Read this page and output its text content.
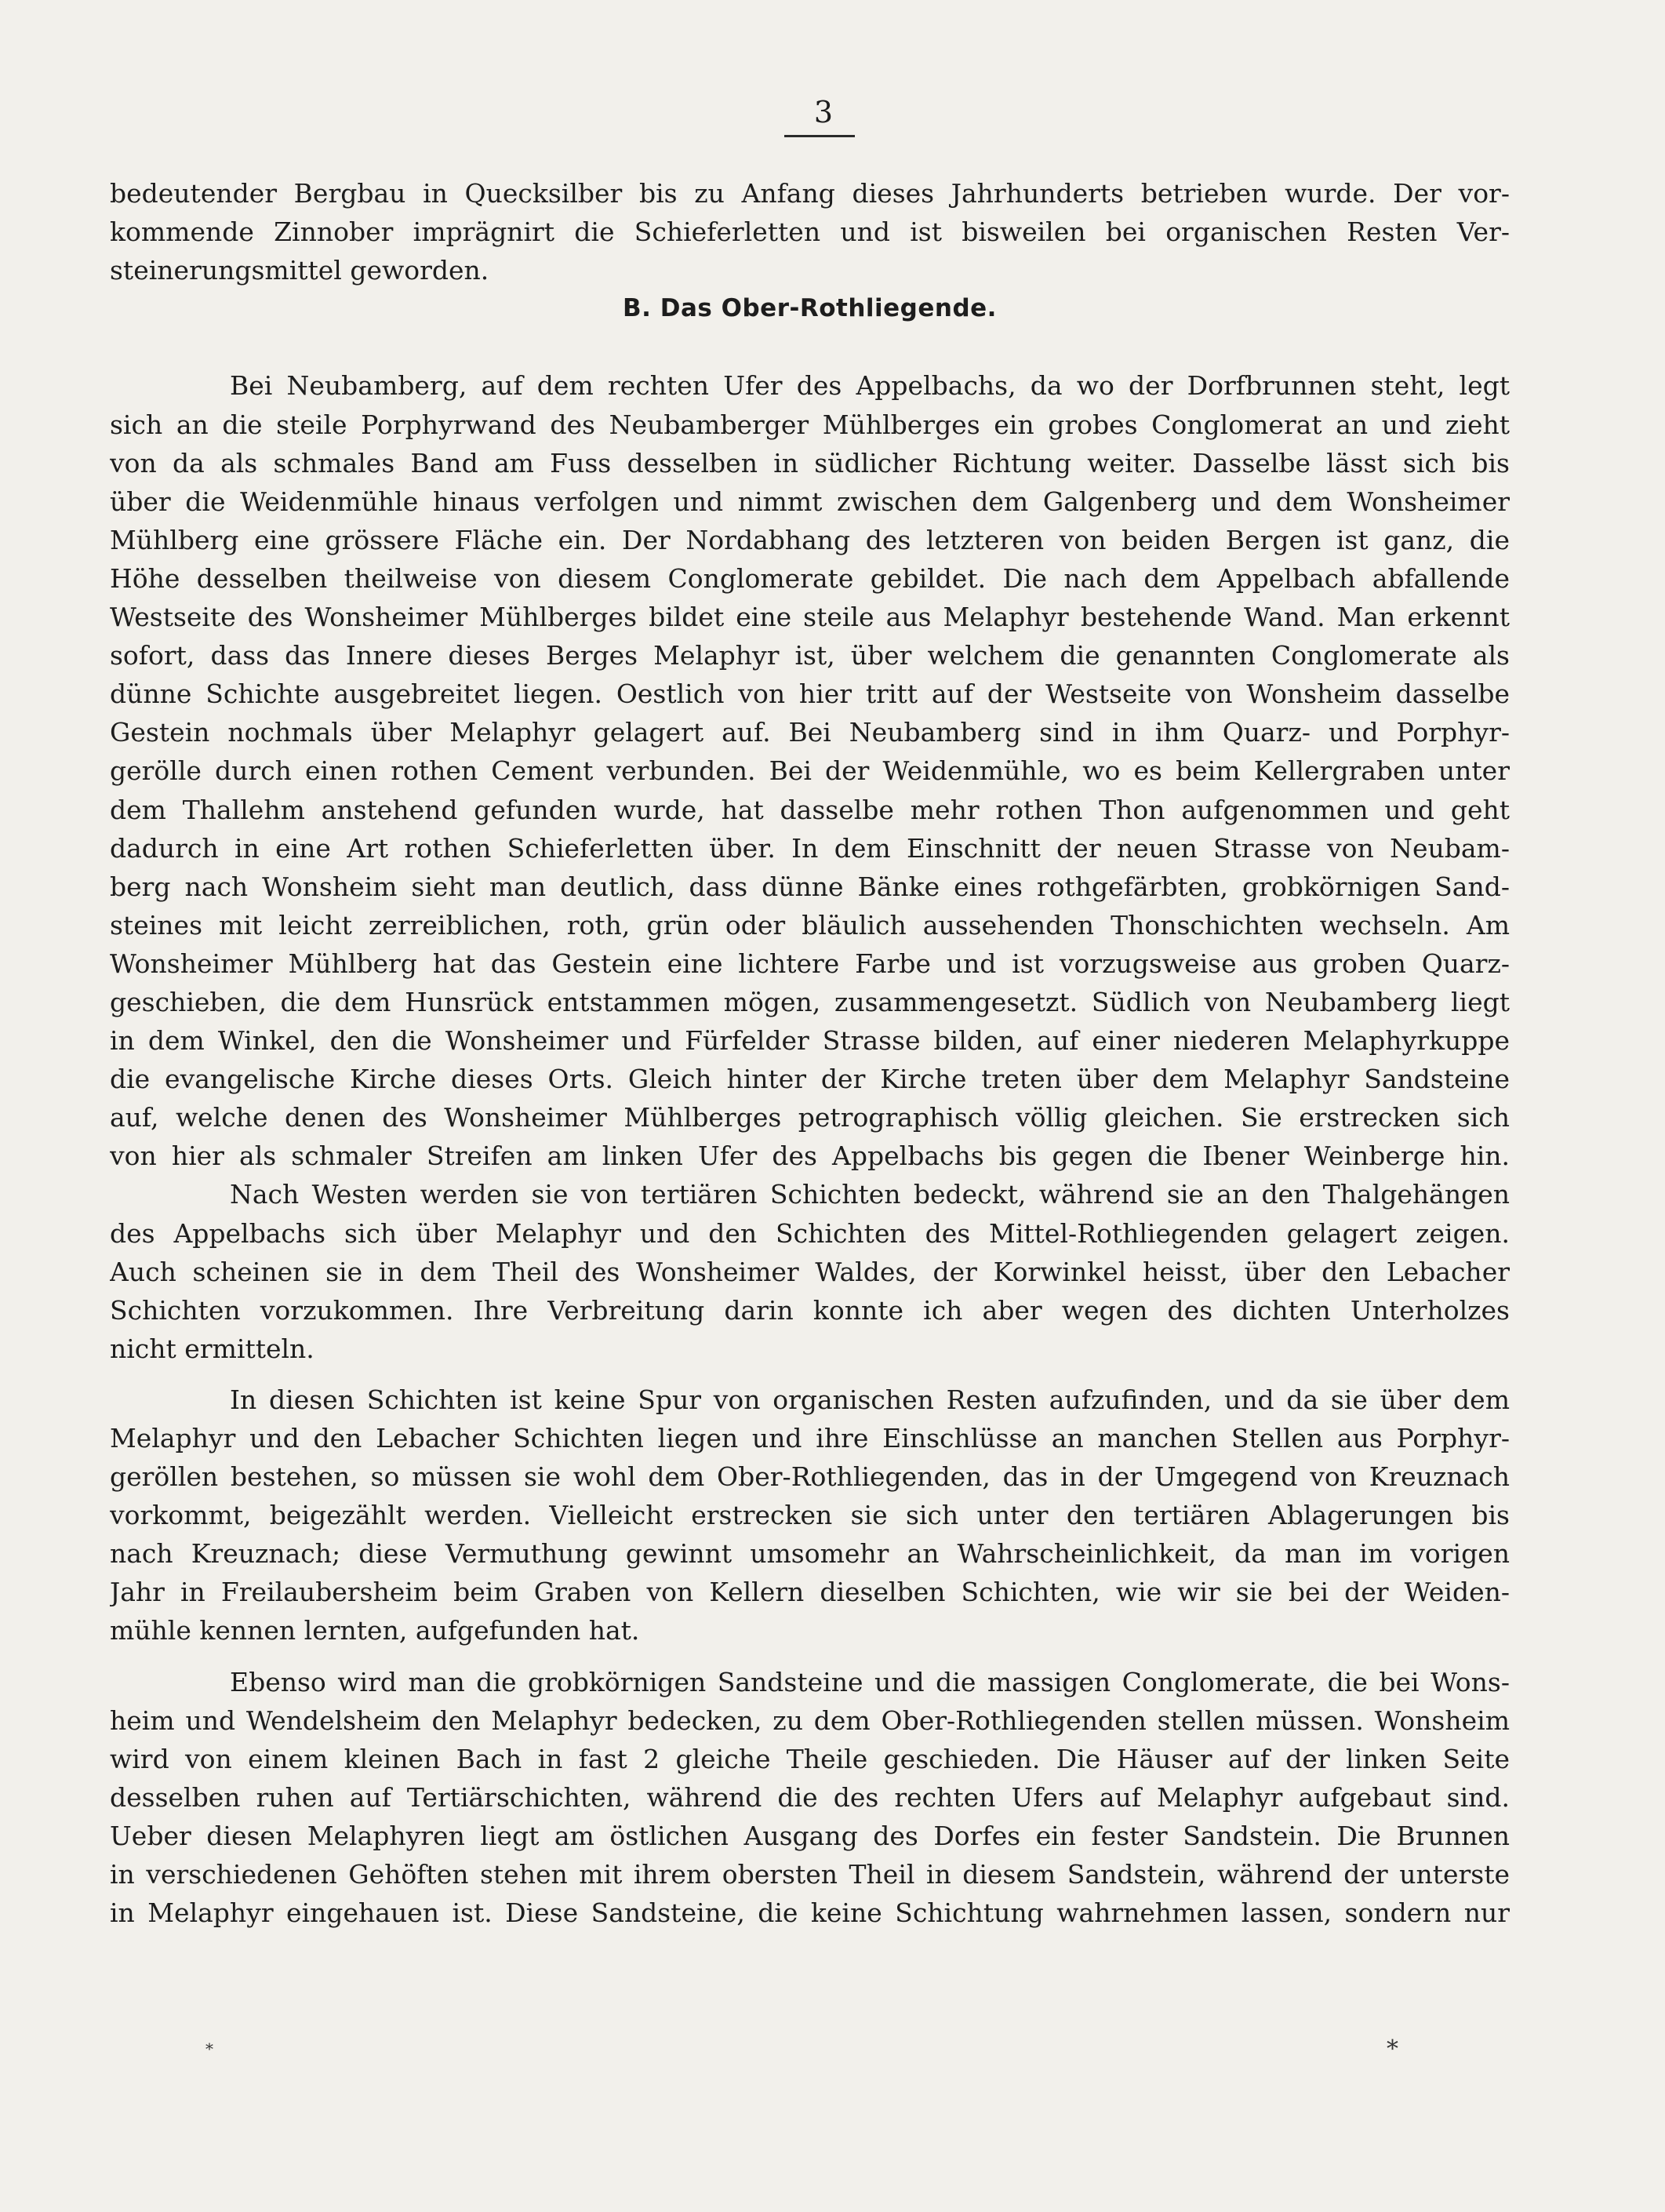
3
bedeutender Bergbau in Quecksilber bis zu Anfang dieses Jahrhunderts betrieben wurde. Der vor-
kommende Zinnober imprägnirt die Schieferletten und ist bisweilen bei organischen Resten Ver-
steinerungsmittel geworden.
B. Das Ober-Rothliegende.
Bei Neubamberg, auf dem rechten Ufer des Appelbachs, da wo der Dorfbrunnen steht, legt
sich an die steile Porphyrwand des Neubamberger Mühlberges ein grobes Conglomerat an und zieht
von da als schmales Band am Fuss desselben in südlicher Richtung weiter. Dasselbe lässt sich bis
über die Weidenmühle hinaus verfolgen und nimmt zwischen dem Galgenberg und dem Wonsheimer
Mühlberg eine grössere Fläche ein. Der Nordabhang des letzteren von beiden Bergen ist ganz, die
Höhe desselben theilweise von diesem Conglomerate gebildet. Die nach dem Appelbach abfallende
Westseite des Wonsheimer Mühlberges bildet eine steile aus Melaphyr bestehende Wand. Man erkennt
sofort, dass das Innere dieses Berges Melaphyr ist, über welchem die genannten Conglomerate als
dünne Schichte ausgebreitet liegen. Oestlich von hier tritt auf der Westseite von Wonsheim dasselbe
Gestein nochmals über Melaphyr gelagert auf. Bei Neubamberg sind in ihm Quarz- und Porphyr-
gerölle durch einen rothen Cement verbunden. Bei der Weidenmühle, wo es beim Kellergraben unter
dem Thallehm anstehend gefunden wurde, hat dasselbe mehr rothen Thon aufgenommen und geht
dadurch in eine Art rothen Schieferletten über. In dem Einschnitt der neuen Strasse von Neubam-
berg nach Wonsheim sieht man deutlich, dass dünne Bänke eines rothgefärbten, grobkörnigen Sand-
steines mit leicht zerreiblichen, roth, grün oder bläulich aussehenden Thonschichten wechseln. Am
Wonsheimer Mühlberg hat das Gestein eine lichtere Farbe und ist vorzugsweise aus groben Quarz-
geschieben, die dem Hunsrück entstammen mögen, zusammengesetzt. Südlich von Neubamberg liegt
in dem Winkel, den die Wonsheimer und Fürfelder Strasse bilden, auf einer niederen Melaphyrkuppe
die evangelische Kirche dieses Orts. Gleich hinter der Kirche treten über dem Melaphyr Sandsteine
auf, welche denen des Wonsheimer Mühlberges petrographisch völlig gleichen. Sie erstrecken sich
von hier als schmaler Streifen am linken Ufer des Appelbachs bis gegen die Ibener Weinberge hin.
Nach Westen werden sie von tertiären Schichten bedeckt, während sie an den Thalgehängen
des Appelbachs sich über Melaphyr und den Schichten des Mittel-Rothliegenden gelagert zeigen.
Auch scheinen sie in dem Theil des Wonsheimer Waldes, der Korwinkel heisst, über den Lebacher
Schichten vorzukommen. Ihre Verbreitung darin konnte ich aber wegen des dichten Unterholzes
nicht ermitteln.
In diesen Schichten ist keine Spur von organischen Resten aufzufinden, und da sie über dem
Melaphyr und den Lebacher Schichten liegen und ihre Einschlüsse an manchen Stellen aus Porphyr-
geröllen bestehen, so müssen sie wohl dem Ober-Rothliegenden, das in der Umgegend von Kreuznach
vorkommt, beigezählt werden. Vielleicht erstrecken sie sich unter den tertiären Ablagerungen bis
nach Kreuznach; diese Vermuthung gewinnt umsomehr an Wahrscheinlichkeit, da man im vorigen
Jahr in Freilaubersheim beim Graben von Kellern dieselben Schichten, wie wir sie bei der Weiden-
mühle kennen lernten, aufgefunden hat.
Ebenso wird man die grobkörnigen Sandsteine und die massigen Conglomerate, die bei Wons-
heim und Wendelsheim den Melaphyr bedecken, zu dem Ober-Rothliegenden stellen müssen. Wonsheim
wird von einem kleinen Bach in fast 2 gleiche Theile geschieden. Die Häuser auf der linken Seite
desselben ruhen auf Tertiärschichten, während die des rechten Ufers auf Melaphyr aufgebaut sind.
Ueber diesen Melaphyren liegt am östlichen Ausgang des Dorfes ein fester Sandstein. Die Brunnen
in verschiedenen Gehöften stehen mit ihrem obersten Theil in diesem Sandstein, während der unterste
in Melaphyr eingehauen ist. Diese Sandsteine, die keine Schichtung wahrnehmen lassen, sondern nur
*	*
